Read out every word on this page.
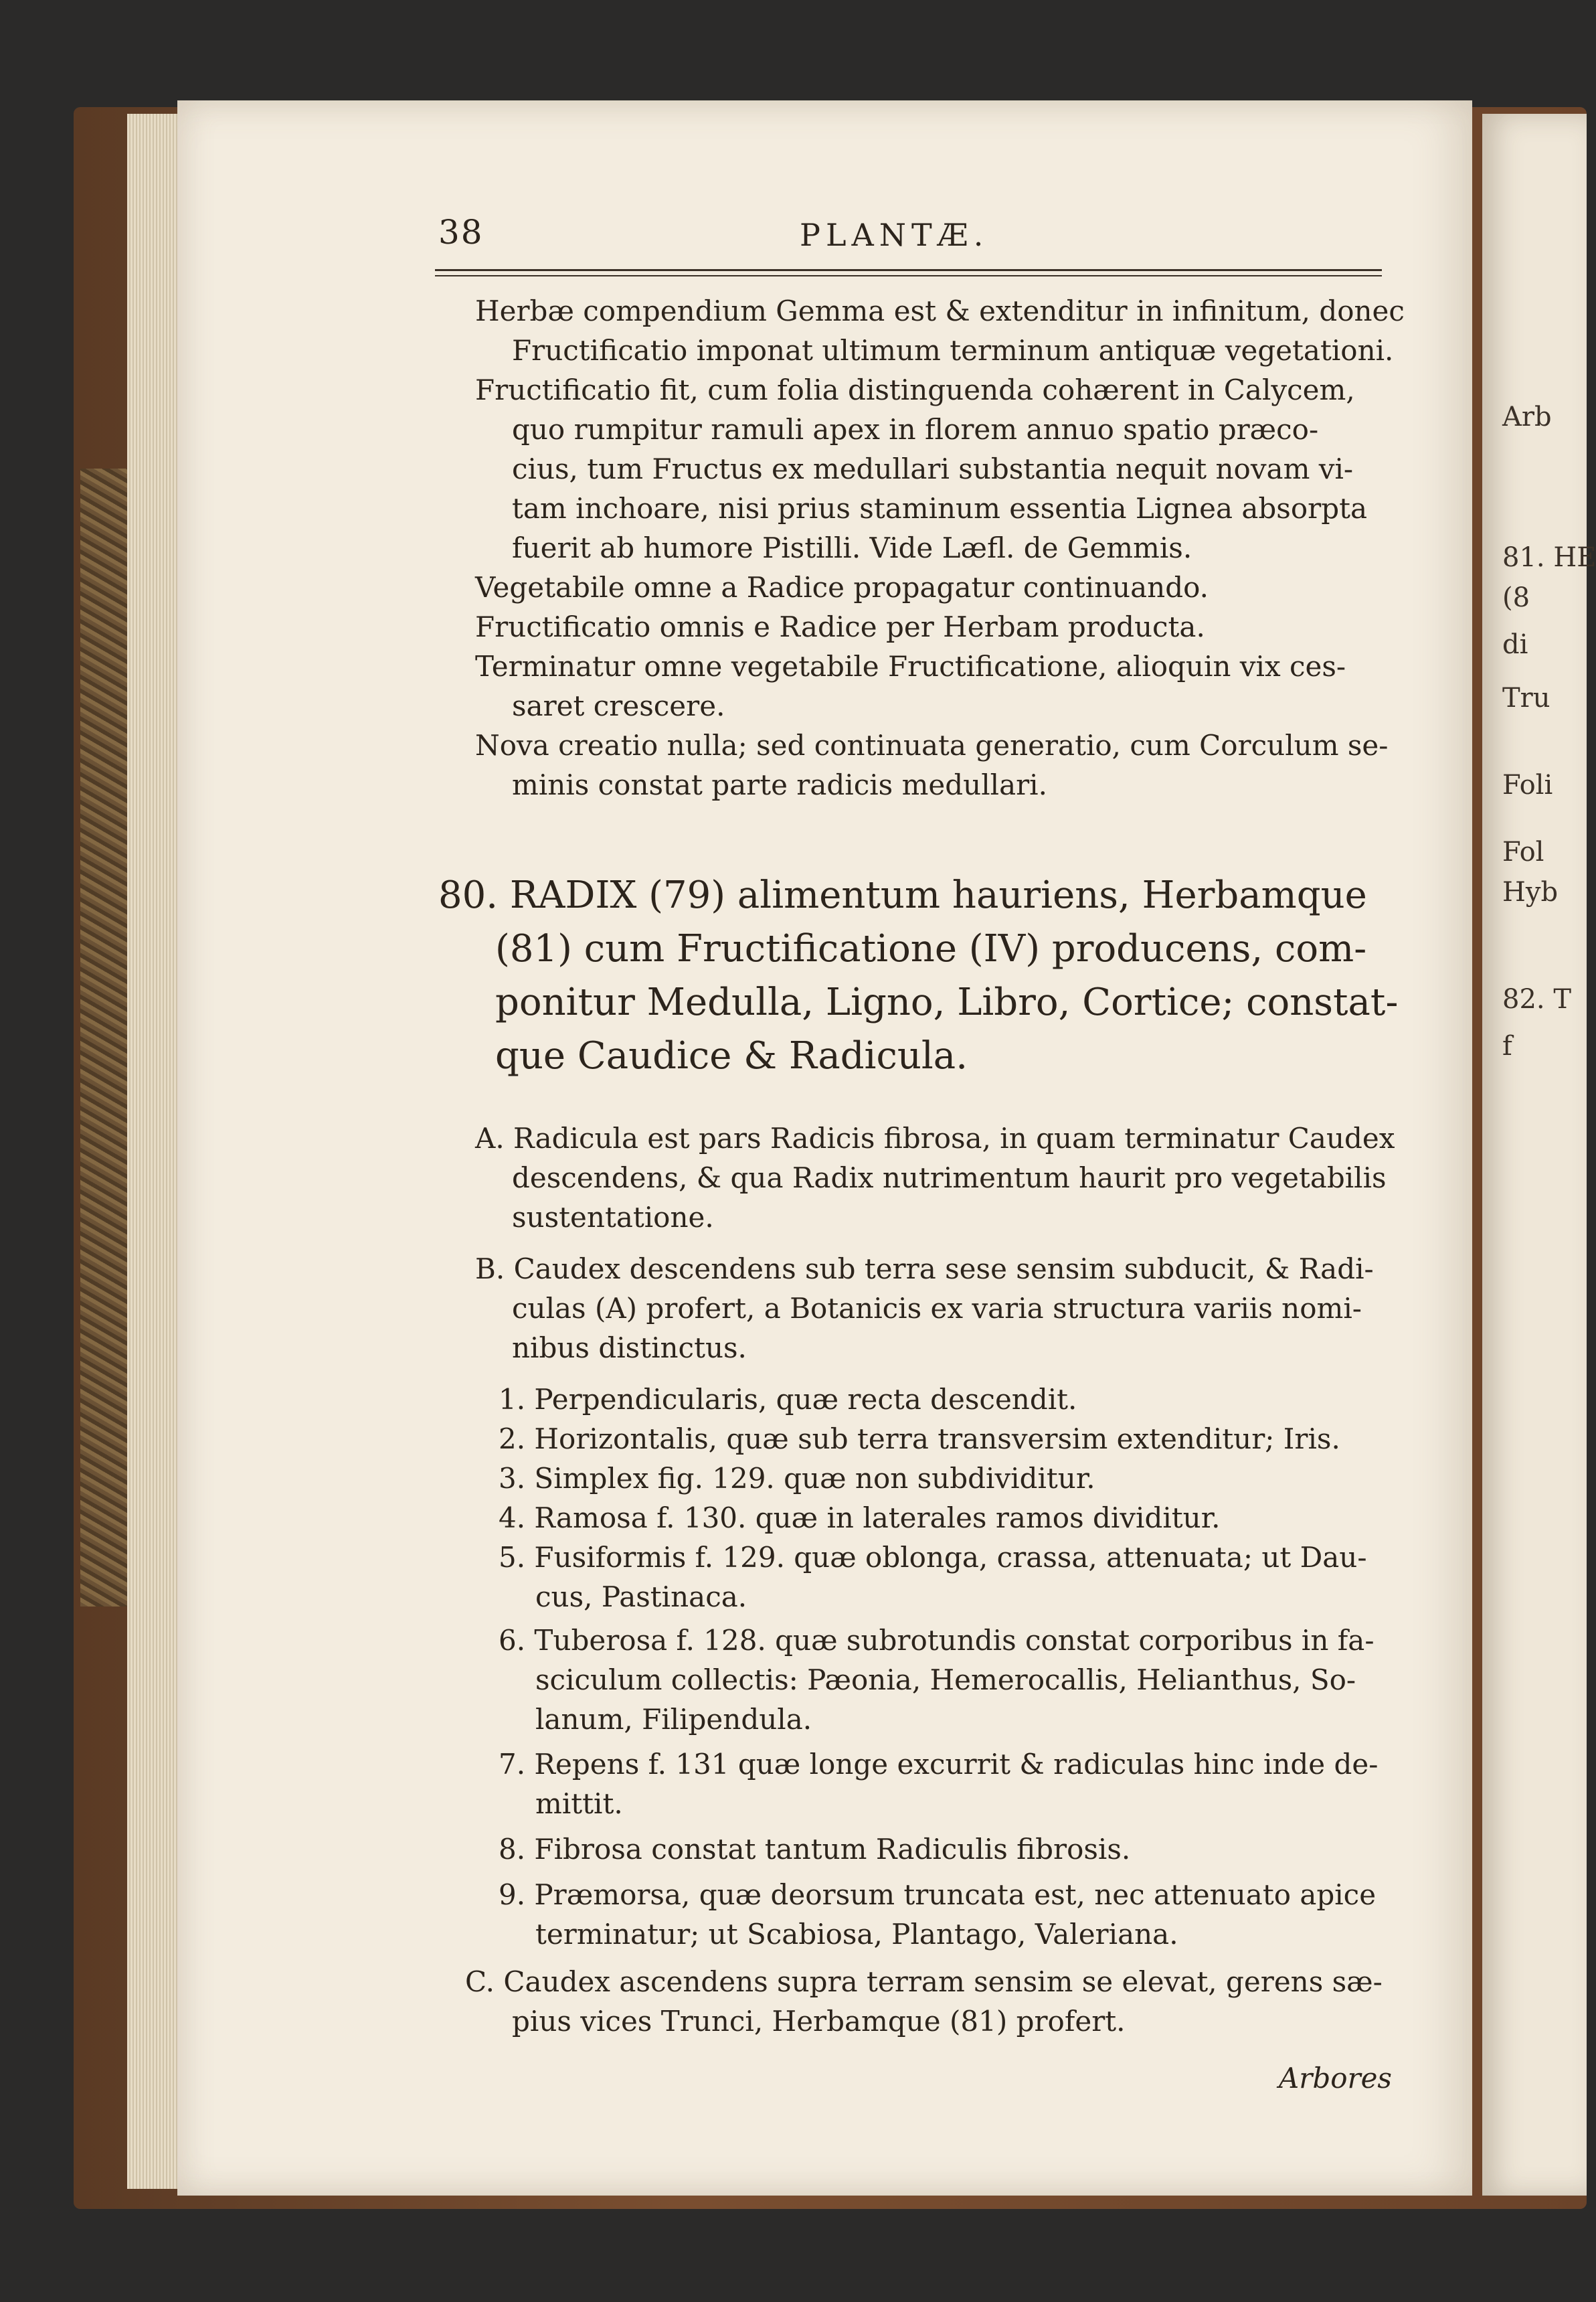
Arb
81. HE
(8
di
Tru
Foli
Fol
Hyb
82. T
f
38	PLANTÆ.
Herbæ compendium Gemma est & extenditur in infinitum, donec
Fructificatio imponat ultimum terminum antiquæ vegetationi.
Fructificatio fit, cum folia distinguenda cohærent in Calycem,
quo rumpitur ramuli apex in florem annuo spatio præco-
cius, tum Fructus ex medullari substantia nequit novam vi-
tam inchoare, nisi prius staminum essentia Lignea absorpta
fuerit ab humore Pistilli. Vide Læfl. de Gemmis.
Vegetabile omne a Radice propagatur continuando.
Fructificatio omnis e Radice per Herbam producta.
Terminatur omne vegetabile Fructificatione, alioquin vix ces-
saret crescere.
Nova creatio nulla; sed continuata generatio, cum Corculum se-
minis constat parte radicis medullari.
80. RADIX (79) alimentum hauriens, Herbamque
(81) cum Fructificatione (IV) producens, com-
ponitur Medulla, Ligno, Libro, Cortice; constat-
que Caudice & Radicula.
A. Radicula est pars Radicis fibrosa, in quam terminatur Caudex
descendens, & qua Radix nutrimentum haurit pro vegetabilis
sustentatione.
B. Caudex descendens sub terra sese sensim subducit, & Radi-
culas (A) profert, a Botanicis ex varia structura variis nomi-
nibus distinctus.
1. Perpendicularis, quæ recta descendit.
2. Horizontalis, quæ sub terra transversim extenditur; Iris.
3. Simplex fig. 129. quæ non subdividitur.
4. Ramosa f. 130. quæ in laterales ramos dividitur.
5. Fusiformis f. 129. quæ oblonga, crassa, attenuata; ut Dau-
cus, Pastinaca.
6. Tuberosa f. 128. quæ subrotundis constat corporibus in fa-
sciculum collectis: Pæonia, Hemerocallis, Helianthus, So-
lanum, Filipendula.
7. Repens f. 131 quæ longe excurrit & radiculas hinc inde de-
mittit.
8. Fibrosa constat tantum Radiculis fibrosis.
9. Præmorsa, quæ deorsum truncata est, nec attenuato apice
terminatur; ut Scabiosa, Plantago, Valeriana.
C. Caudex ascendens supra terram sensim se elevat, gerens sæ-
pius vices Trunci, Herbamque (81) profert.
Arbores
